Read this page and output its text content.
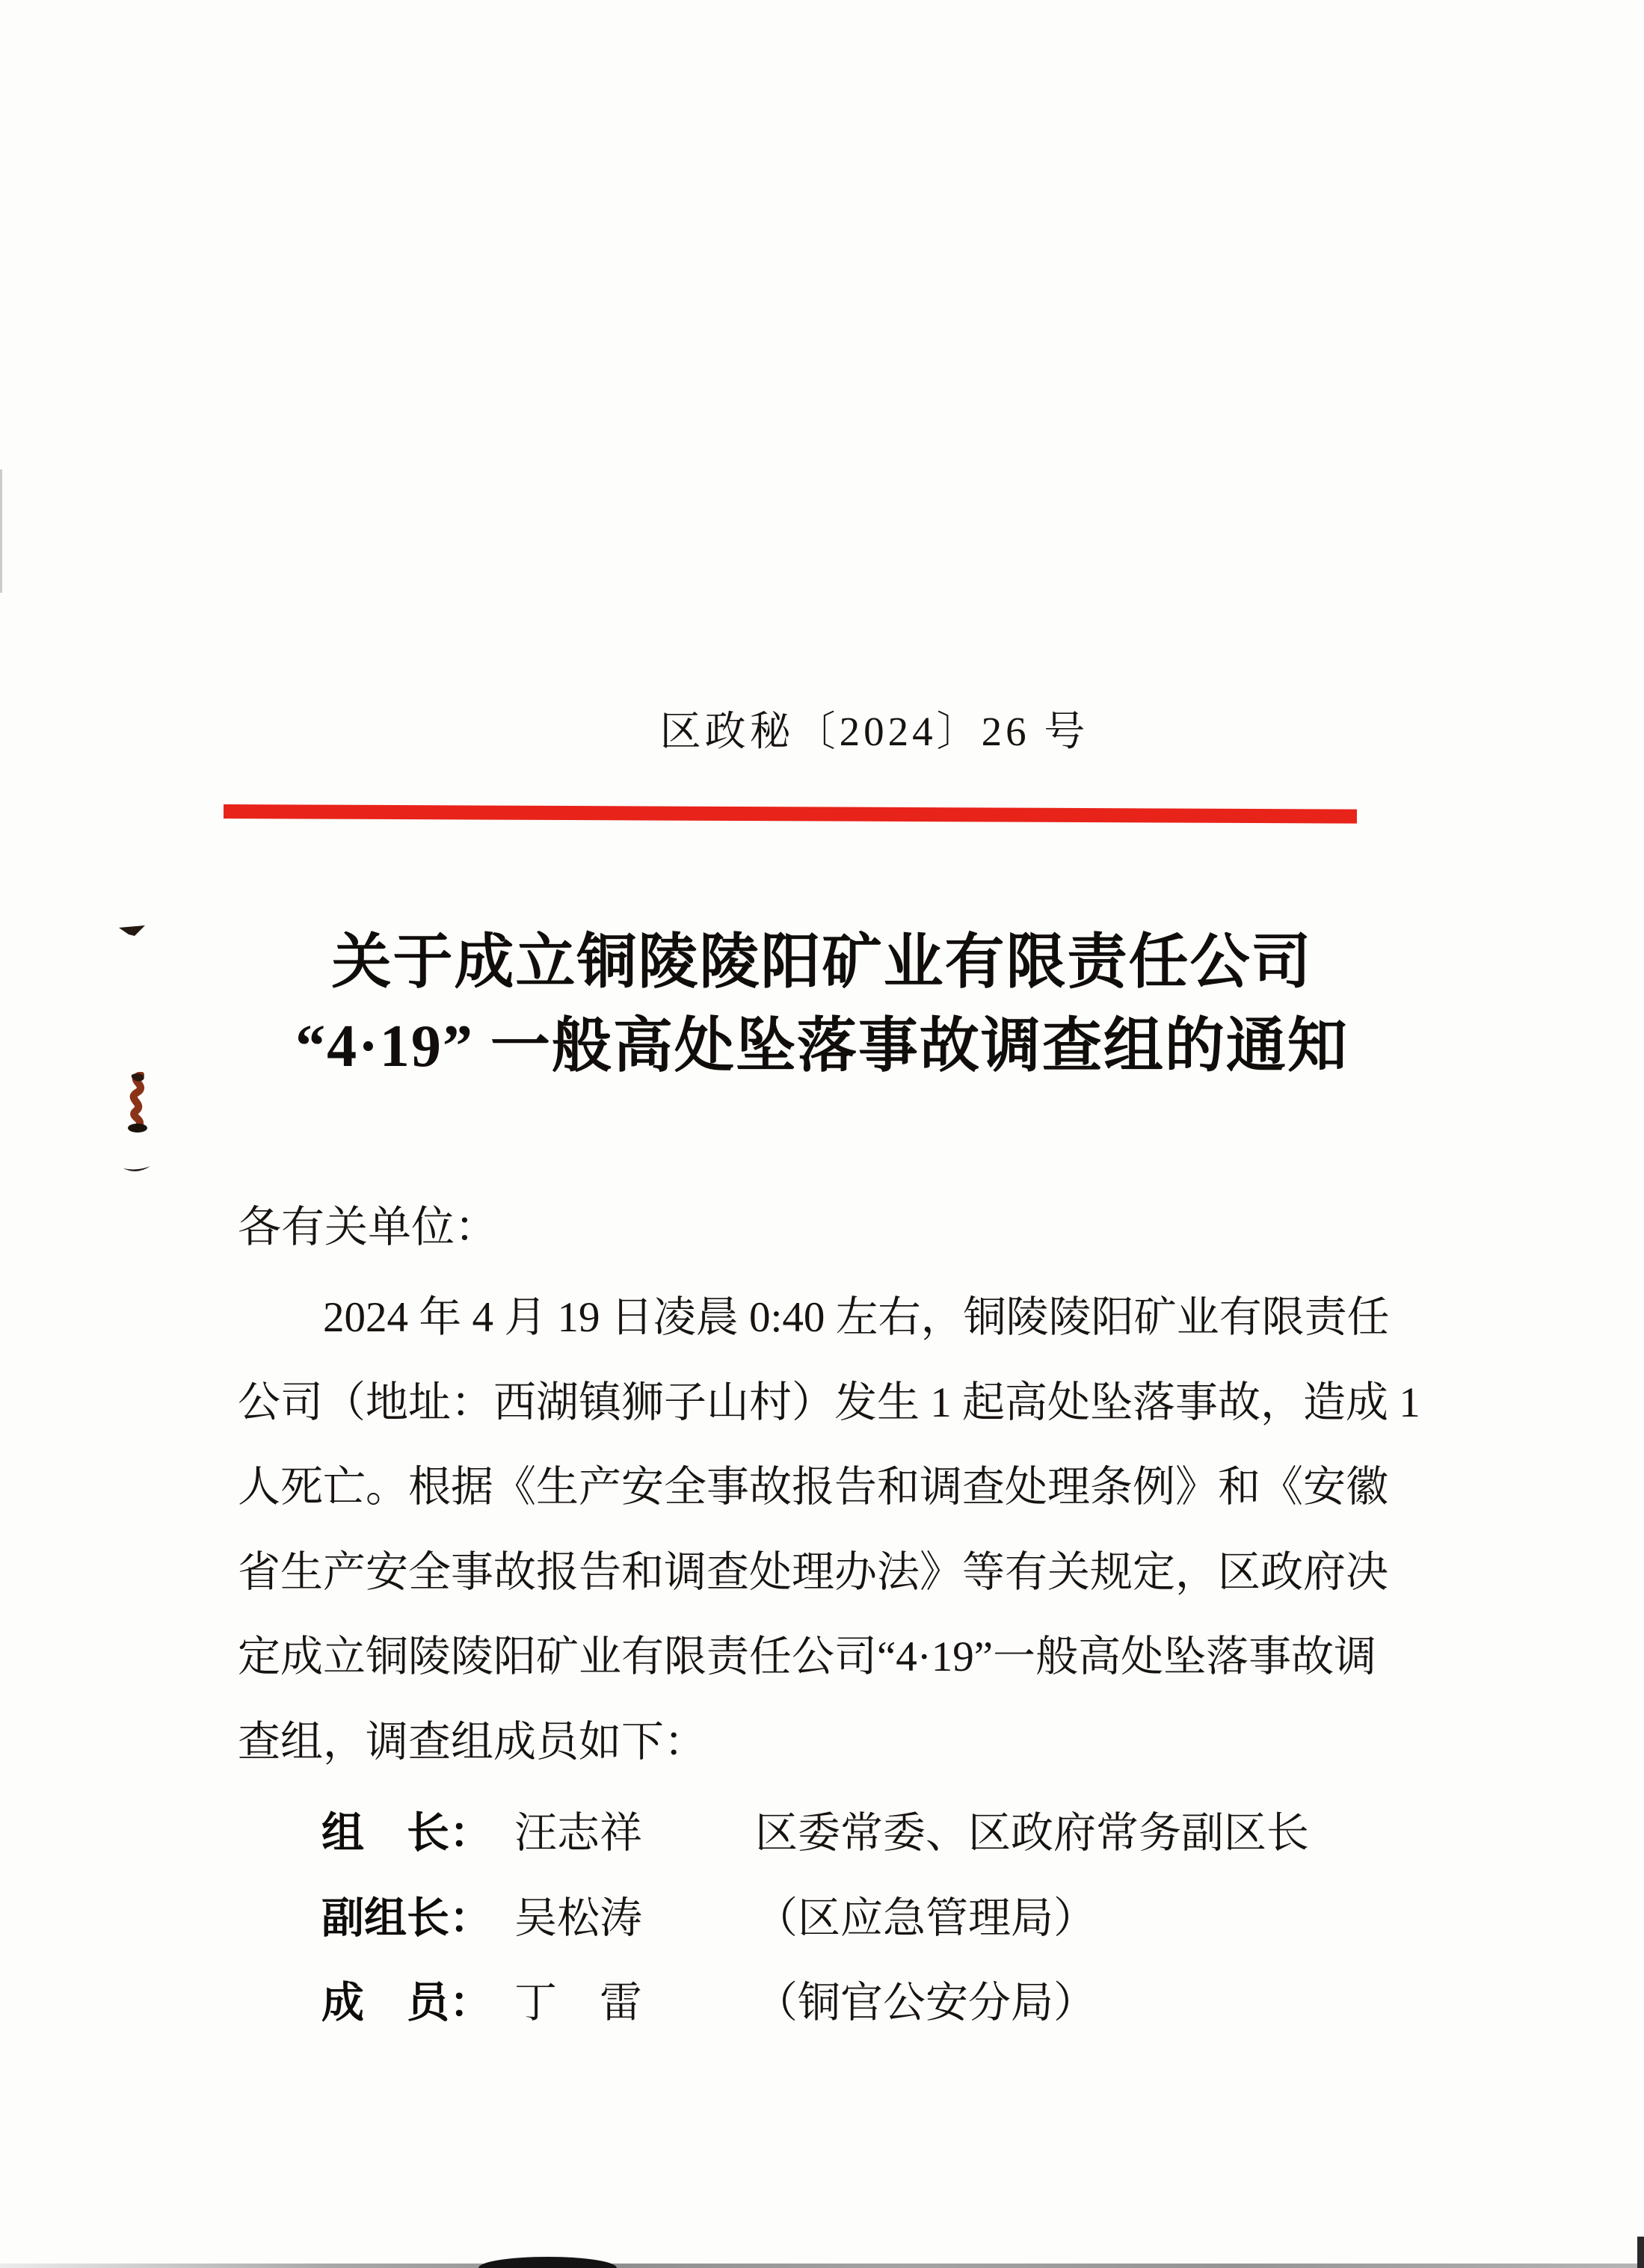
区政秘〔2024〕26 号
关于成立铜陵陵阳矿业有限责任公司
“4·19” 一般高处坠落事故调查组的通知
各有关单位：
2024 年 4 月 19 日凌晨 0:40 左右，铜陵陵阳矿业有限责任
公司（地址：西湖镇狮子山村）发生 1 起高处坠落事故，造成 1
人死亡。根据《生产安全事故报告和调查处理条例》和《安徽
省生产安全事故报告和调查处理办法》等有关规定，区政府决
定成立铜陵陵阳矿业有限责任公司“4·19”一般高处坠落事故调
查组，调查组成员如下：
组　长： 汪志祥	区委常委、区政府常务副区长
副组长： 吴松涛	（区应急管理局）
成　员： 丁　雷	（铜官公安分局）
